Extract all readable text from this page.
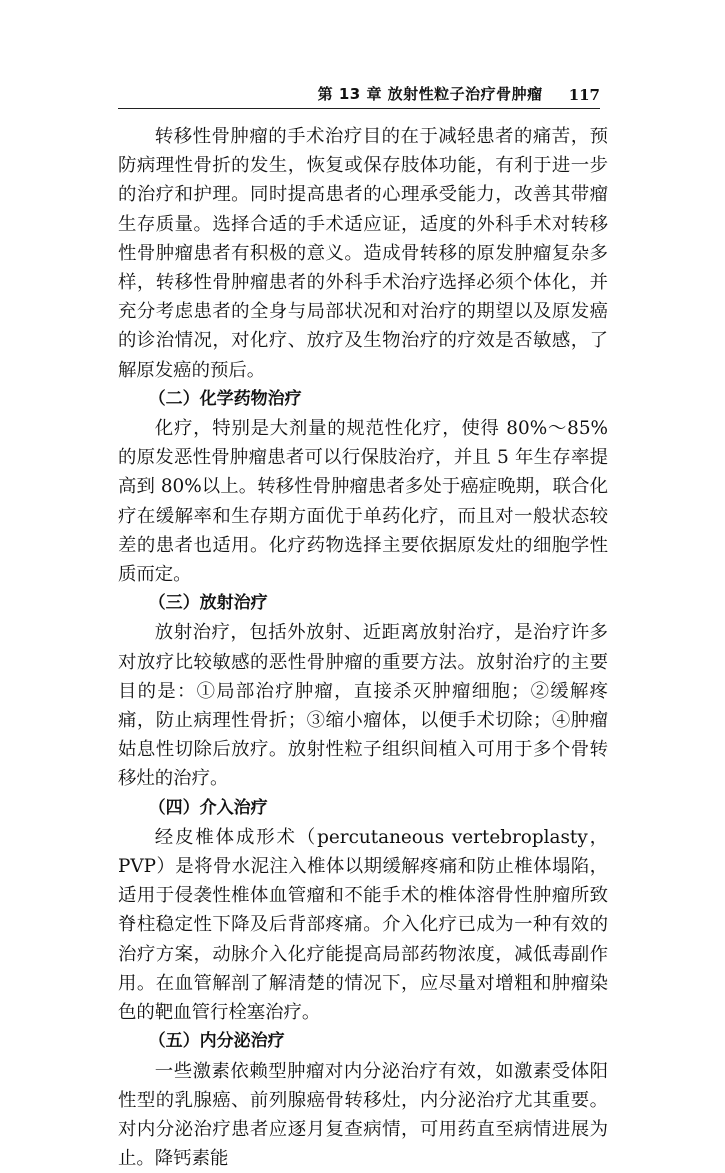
第 13 章 放射性粒子治疗骨肿瘤 117

转移性骨肿瘤的手术治疗目的在于减轻患者的痛苦，预防病理性骨折的发生，恢复或保存肢体功能，有利于进一步的治疗和护理。同时提高患者的心理承受能力，改善其带瘤生存质量。选择合适的手术适应证，适度的外科手术对转移性骨肿瘤患者有积极的意义。造成骨转移的原发肿瘤复杂多样，转移性骨肿瘤患者的外科手术治疗选择必须个体化，并充分考虑患者的全身与局部状况和对治疗的期望以及原发癌的诊治情况，对化疗、放疗及生物治疗的疗效是否敏感，了解原发癌的预后。

（二）化学药物治疗

化疗，特别是大剂量的规范性化疗，使得 80%～85%的原发恶性骨肿瘤患者可以行保肢治疗，并且 5 年生存率提高到 80%以上。转移性骨肿瘤患者多处于癌症晚期，联合化疗在缓解率和生存期方面优于单药化疗，而且对一般状态较差的患者也适用。化疗药物选择主要依据原发灶的细胞学性质而定。

（三）放射治疗

放射治疗，包括外放射、近距离放射治疗，是治疗许多对放疗比较敏感的恶性骨肿瘤的重要方法。放射治疗的主要目的是：①局部治疗肿瘤，直接杀灭肿瘤细胞；②缓解疼痛，防止病理性骨折；③缩小瘤体，以便手术切除；④肿瘤姑息性切除后放疗。放射性粒子组织间植入可用于多个骨转移灶的治疗。

（四）介入治疗

经皮椎体成形术（percutaneous vertebroplasty，PVP）是将骨水泥注入椎体以期缓解疼痛和防止椎体塌陷，适用于侵袭性椎体血管瘤和不能手术的椎体溶骨性肿瘤所致脊柱稳定性下降及后背部疼痛。介入化疗已成为一种有效的治疗方案，动脉介入化疗能提高局部药物浓度，减低毒副作用。在血管解剖了解清楚的情况下，应尽量对增粗和肿瘤染色的靶血管行栓塞治疗。

（五）内分泌治疗

一些激素依赖型肿瘤对内分泌治疗有效，如激素受体阳性型的乳腺癌、前列腺癌骨转移灶，内分泌治疗尤其重要。对内分泌治疗患者应逐月复查病情，可用药直至病情进展为止。降钙素能
